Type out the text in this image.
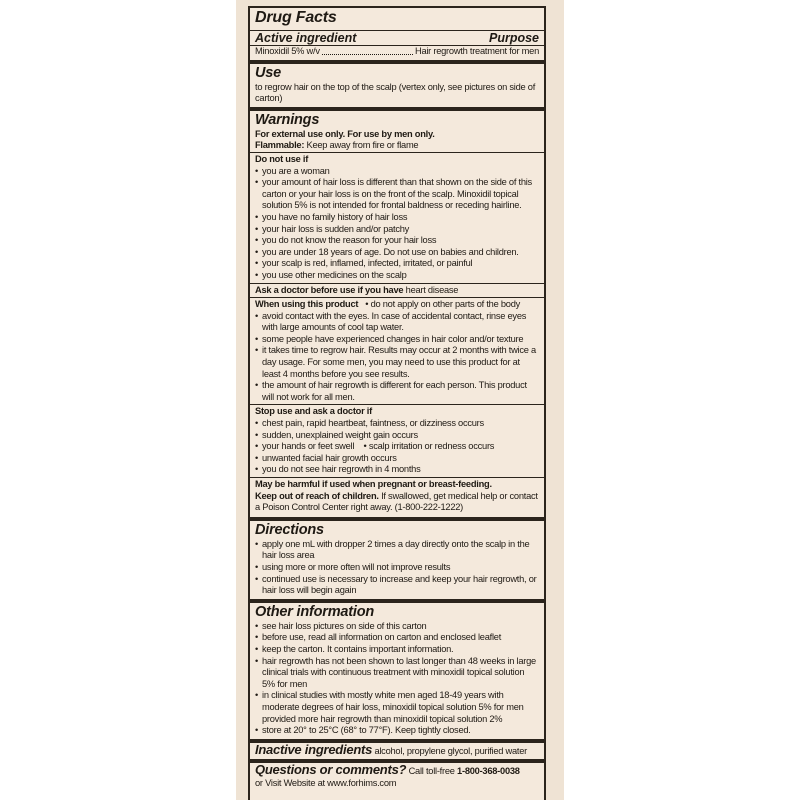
Drug Facts
Active ingredient	Purpose
Minoxidil 5% w/v	Hair regrowth treatment for men
Use
to regrow hair on the top of the scalp (vertex only, see pictures on side of carton)
Warnings
For external use only. For use by men only.
Flammable: Keep away from fire or flame
Do not use if
• you are a woman
• your amount of hair loss is different than that shown on the side of this carton or your hair loss is on the front of the scalp. Minoxidil topical solution 5% is not intended for frontal baldness or receding hairline.
• you have no family history of hair loss
• your hair loss is sudden and/or patchy
• you do not know the reason for your hair loss
• you are under 18 years of age. Do not use on babies and children.
• your scalp is red, inflamed, infected, irritated, or painful
• you use other medicines on the scalp
Ask a doctor before use if you have heart disease
When using this product   • do not apply on other parts of the body
• avoid contact with the eyes. In case of accidental contact, rinse eyes with large amounts of cool tap water.
• some people have experienced changes in hair color and/or texture
• it takes time to regrow hair. Results may occur at 2 months with twice a day usage. For some men, you may need to use this product for at least 4 months before you see results.
• the amount of hair regrowth is different for each person. This product will not work for all men.
Stop use and ask a doctor if
• chest pain, rapid heartbeat, faintness, or dizziness occurs
• sudden, unexplained weight gain occurs
• your hands or feet swell    • scalp irritation or redness occurs
• unwanted facial hair growth occurs
• you do not see hair regrowth in 4 months
May be harmful if used when pregnant or breast-feeding.
Keep out of reach of children. If swallowed, get medical help or contact a Poison Control Center right away. (1-800-222-1222)
Directions
• apply one mL with dropper 2 times a day directly onto the scalp in the hair loss area
• using more or more often will not improve results
• continued use is necessary to increase and keep your hair regrowth, or hair loss will begin again
Other information
• see hair loss pictures on side of this carton
• before use, read all information on carton and enclosed leaflet
• keep the carton. It contains important information.
• hair regrowth has not been shown to last longer than 48 weeks in large clinical trials with continuous treatment with minoxidil topical solution 5% for men
• in clinical studies with mostly white men aged 18-49 years with moderate degrees of hair loss, minoxidil topical solution 5% for men provided more hair regrowth than minoxidil topical solution 2%
• store at 20° to 25°C (68° to 77°F). Keep tightly closed.
Inactive ingredients alcohol, propylene glycol, purified water
Questions or comments? Call toll-free 1-800-368-0038
or Visit Website at www.forhims.com
